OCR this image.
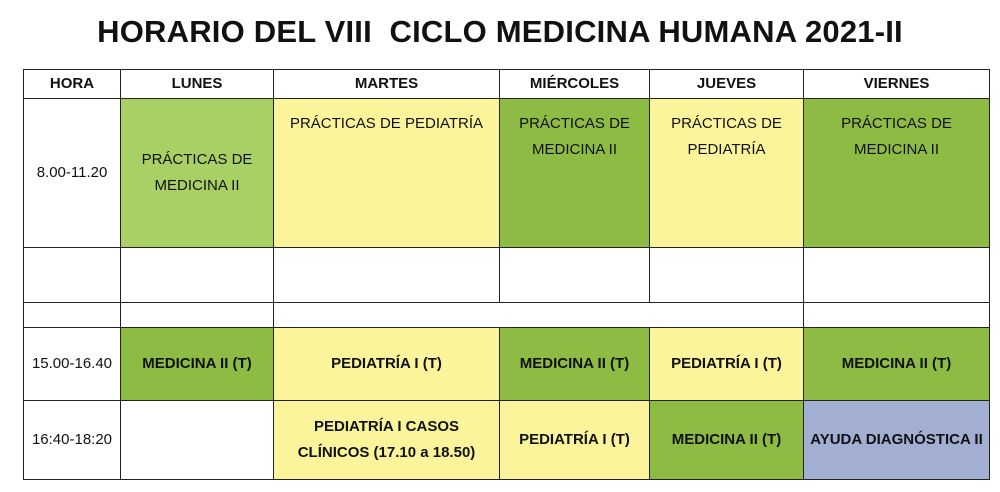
HORARIO DEL VIII  CICLO MEDICINA HUMANA 2021-II
HORA	LUNES	MARTES	MIÉRCOLES	JUEVES	VIERNES
8.00-11.20	PRÁCTICAS DE MEDICINA II	PRÁCTICAS DE PEDIATRÍA	PRÁCTICAS DE MEDICINA II	PRÁCTICAS DE PEDIATRÍA	PRÁCTICAS DE MEDICINA II

15.00-16.40	MEDICINA II (T)	PEDIATRÍA I (T)	MEDICINA II (T)	PEDIATRÍA I (T)	MEDICINA II (T)
16:40-18:20		PEDIATRÍA I CASOS CLÍNICOS (17.10 a 18.50)	PEDIATRÍA I (T)	MEDICINA II (T)	AYUDA DIAGNÓSTICA II
